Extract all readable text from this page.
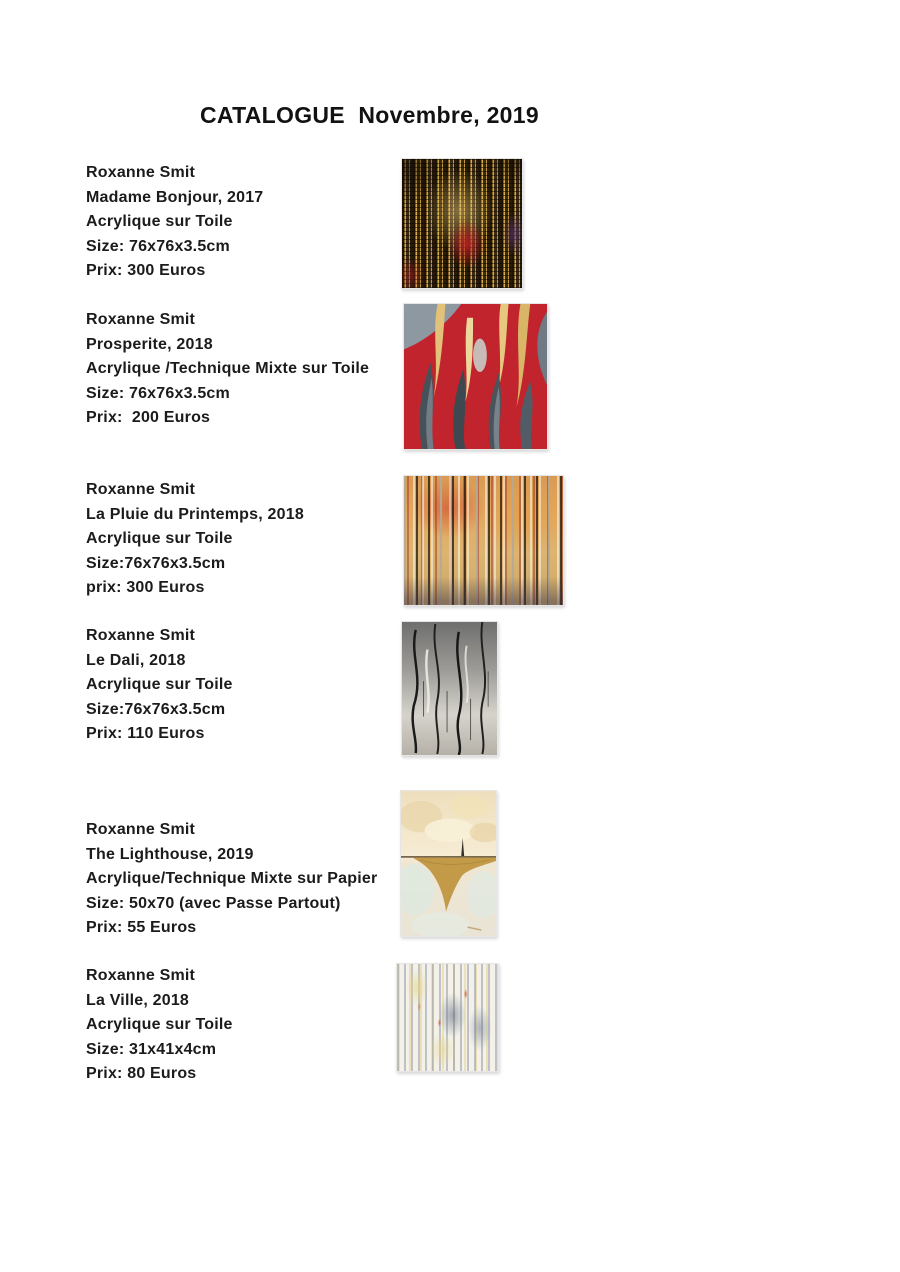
CATALOGUE  Novembre, 2019
Roxanne Smit
Madame Bonjour, 2017
Acrylique sur Toile
Size: 76x76x3.5cm
Prix: 300 Euros
Roxanne Smit
Prosperite, 2018
Acrylique /Technique Mixte sur Toile
Size: 76x76x3.5cm
Prix:  200 Euros
Roxanne Smit
La Pluie du Printemps, 2018
Acrylique sur Toile
Size:76x76x3.5cm
prix: 300 Euros
Roxanne Smit
Le Dali, 2018
Acrylique sur Toile
Size:76x76x3.5cm
Prix: 110 Euros
Roxanne Smit
The Lighthouse, 2019
Acrylique/Technique Mixte sur Papier
Size: 50x70 (avec Passe Partout)
Prix: 55 Euros
Roxanne Smit
La Ville, 2018
Acrylique sur Toile
Size: 31x41x4cm
Prix: 80 Euros
